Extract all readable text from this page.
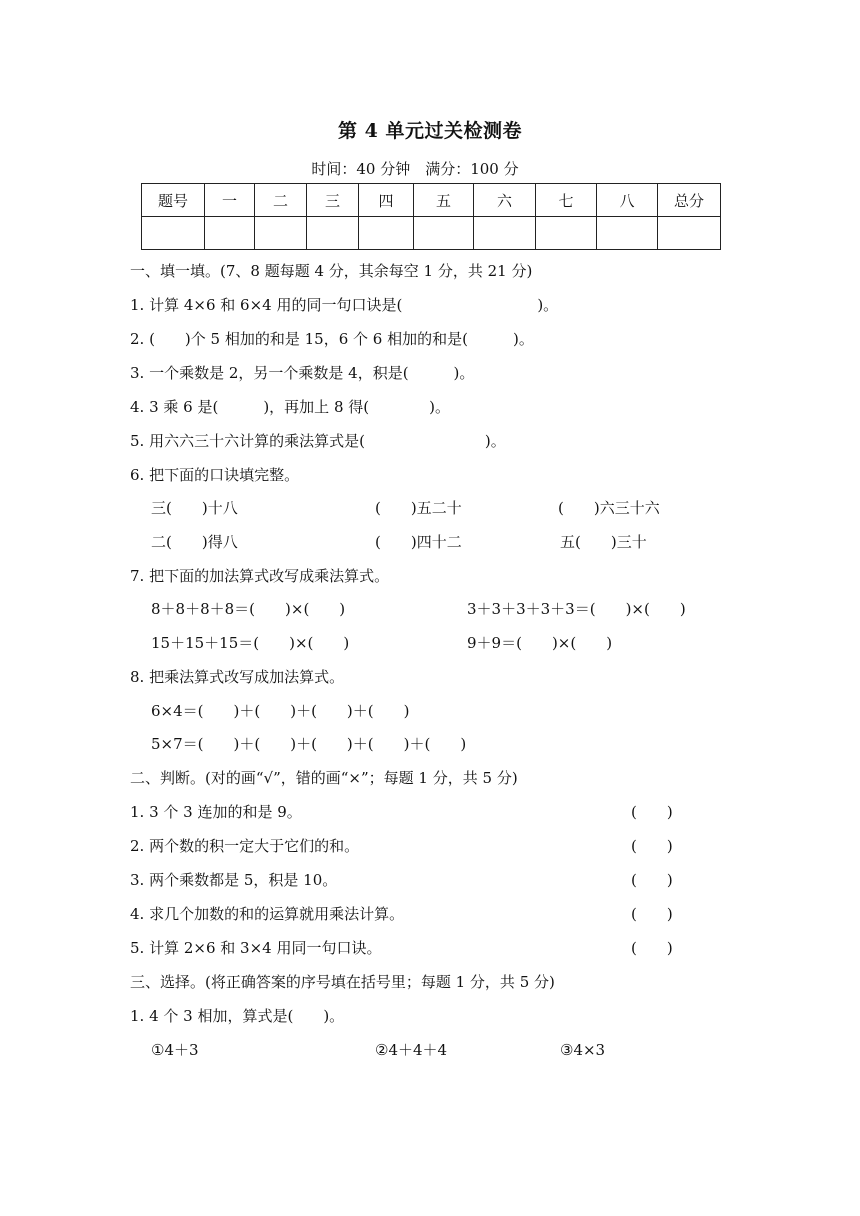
第 4 单元过关检测卷
时间：40 分钟　满分：100 分
题号	一	二	三	四	五	六	七	八	总分

一、填一填。(7、8 题每题 4 分，其余每空 1 分，共 21 分)
1. 计算 4×6 和 6×4 用的同一句口诀是(　　　　　　　　　)。
2. (　　)个 5 相加的和是 15，6 个 6 相加的和是(　　　)。
3. 一个乘数是 2，另一个乘数是 4，积是(　　　)。
4. 3 乘 6 是(　　　)，再加上 8 得(　　　　)。
5. 用六六三十六计算的乘法算式是(　　　　　　　　)。
6. 把下面的口诀填完整。
三(　　)十八	(　　)五二十	(　　)六三十六
二(　　)得八	(　　)四十二	五(　　)三十
7. 把下面的加法算式改写成乘法算式。
8＋8＋8＋8＝(　　)×(　　)	3＋3＋3＋3＋3＝(　　)×(　　)
15＋15＋15＝(　　)×(　　)	9＋9＝(　　)×(　　)
8. 把乘法算式改写成加法算式。
6×4＝(　　)＋(　　)＋(　　)＋(　　)
5×7＝(　　)＋(　　)＋(　　)＋(　　)＋(　　)
二、判断。(对的画“√”，错的画“×”；每题 1 分，共 5 分)
1. 3 个 3 连加的和是 9。	(　　)
2. 两个数的积一定大于它们的和。	(　　)
3. 两个乘数都是 5，积是 10。	(　　)
4. 求几个加数的和的运算就用乘法计算。	(　　)
5. 计算 2×6 和 3×4 用同一句口诀。	(　　)
三、选择。(将正确答案的序号填在括号里；每题 1 分，共 5 分)
1. 4 个 3 相加，算式是(　　)。
①4＋3	②4＋4＋4	③4×3
